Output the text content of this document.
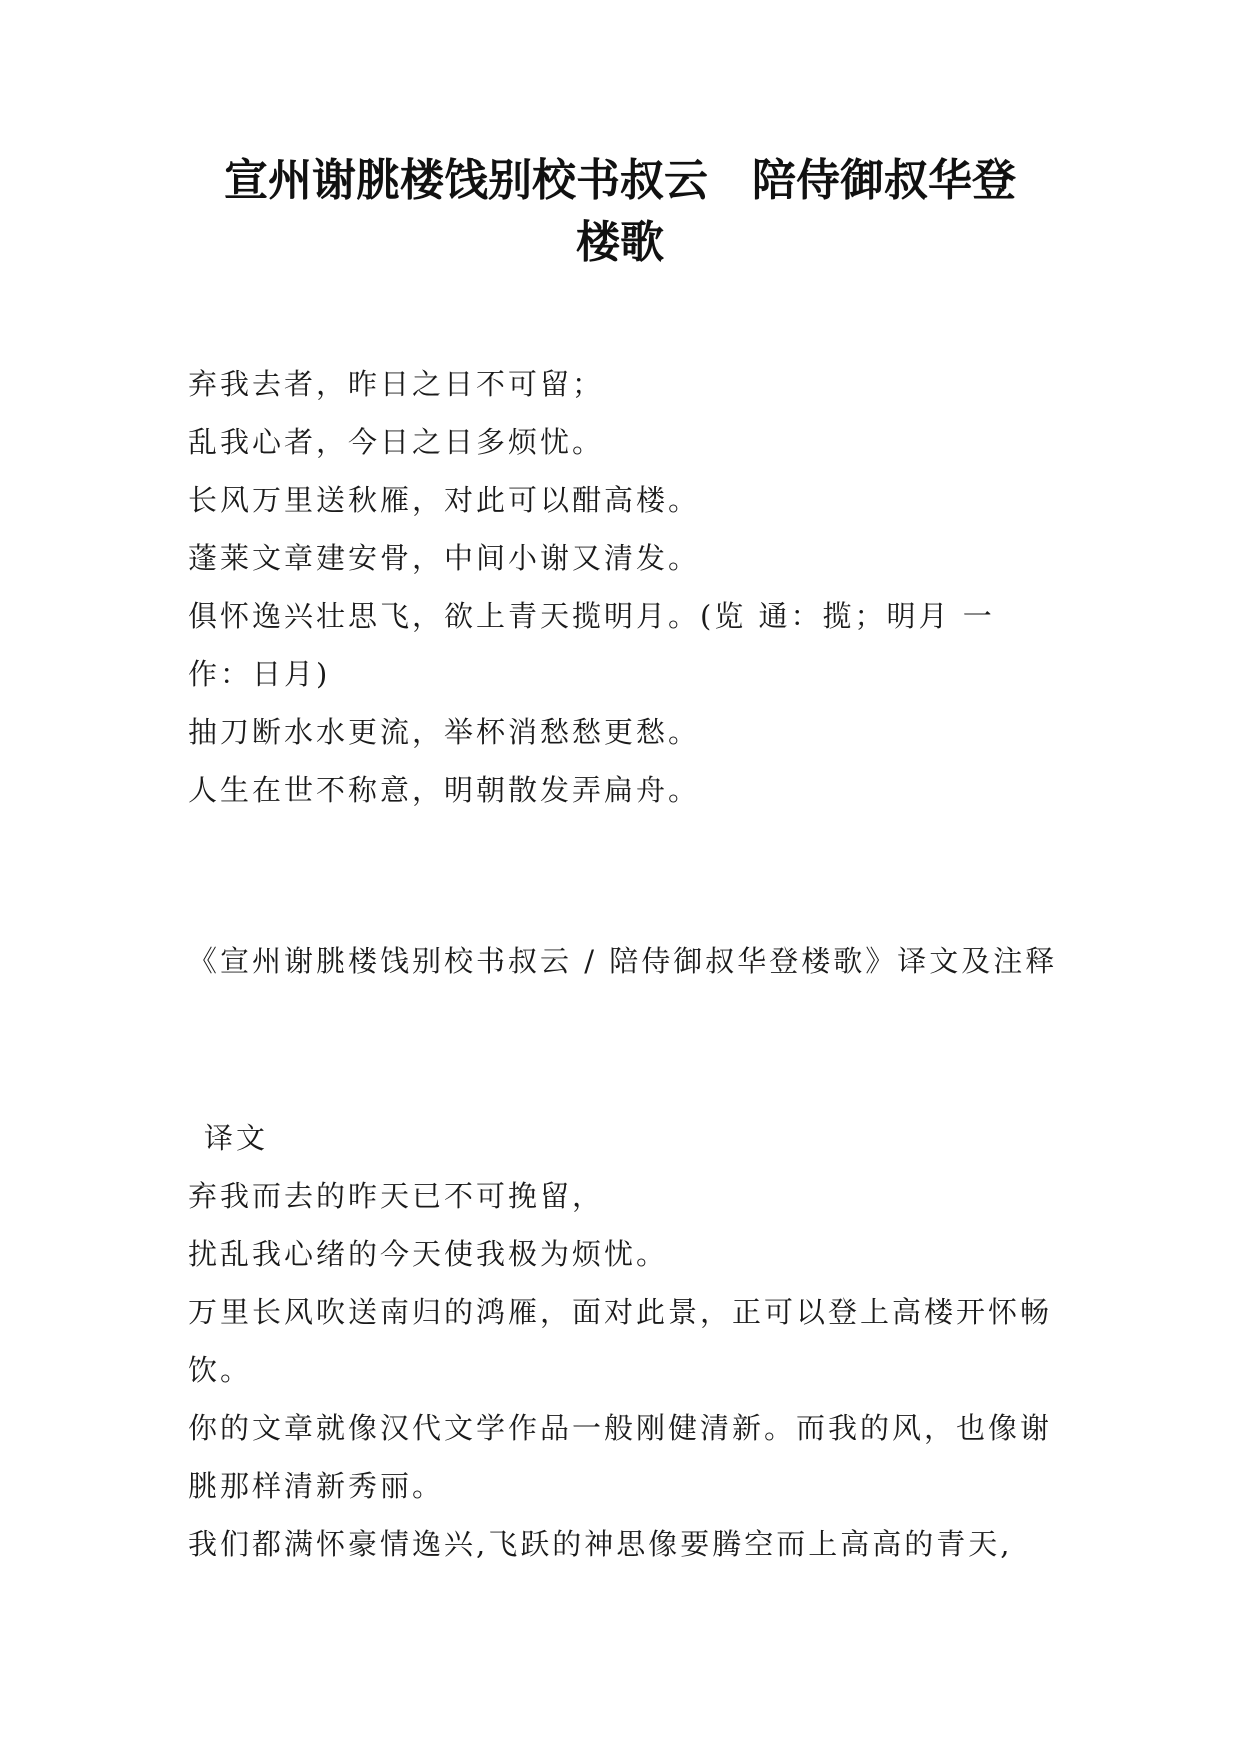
宣州谢朓楼饯别校书叔云　陪侍御叔华登
楼歌

弃我去者，昨日之日不可留；

乱我心者，今日之日多烦忧。

长风万里送秋雁，对此可以酣高楼。

蓬莱文章建安骨，中间小谢又清发。

俱怀逸兴壮思飞，欲上青天揽明月。(览 通：揽；明月 一作：日月)

抽刀断水水更流，举杯消愁愁更愁。

人生在世不称意，明朝散发弄扁舟。

《宣州谢朓楼饯别校书叔云 / 陪侍御叔华登楼歌》译文及注释

译文

弃我而去的昨天已不可挽留，

扰乱我心绪的今天使我极为烦忧。

万里长风吹送南归的鸿雁，面对此景，正可以登上高楼开怀畅饮。

你的文章就像汉代文学作品一般刚健清新。而我的风，也像谢朓那样清新秀丽。

我们都满怀豪情逸兴,飞跃的神思像要腾空而上高高的青天,
